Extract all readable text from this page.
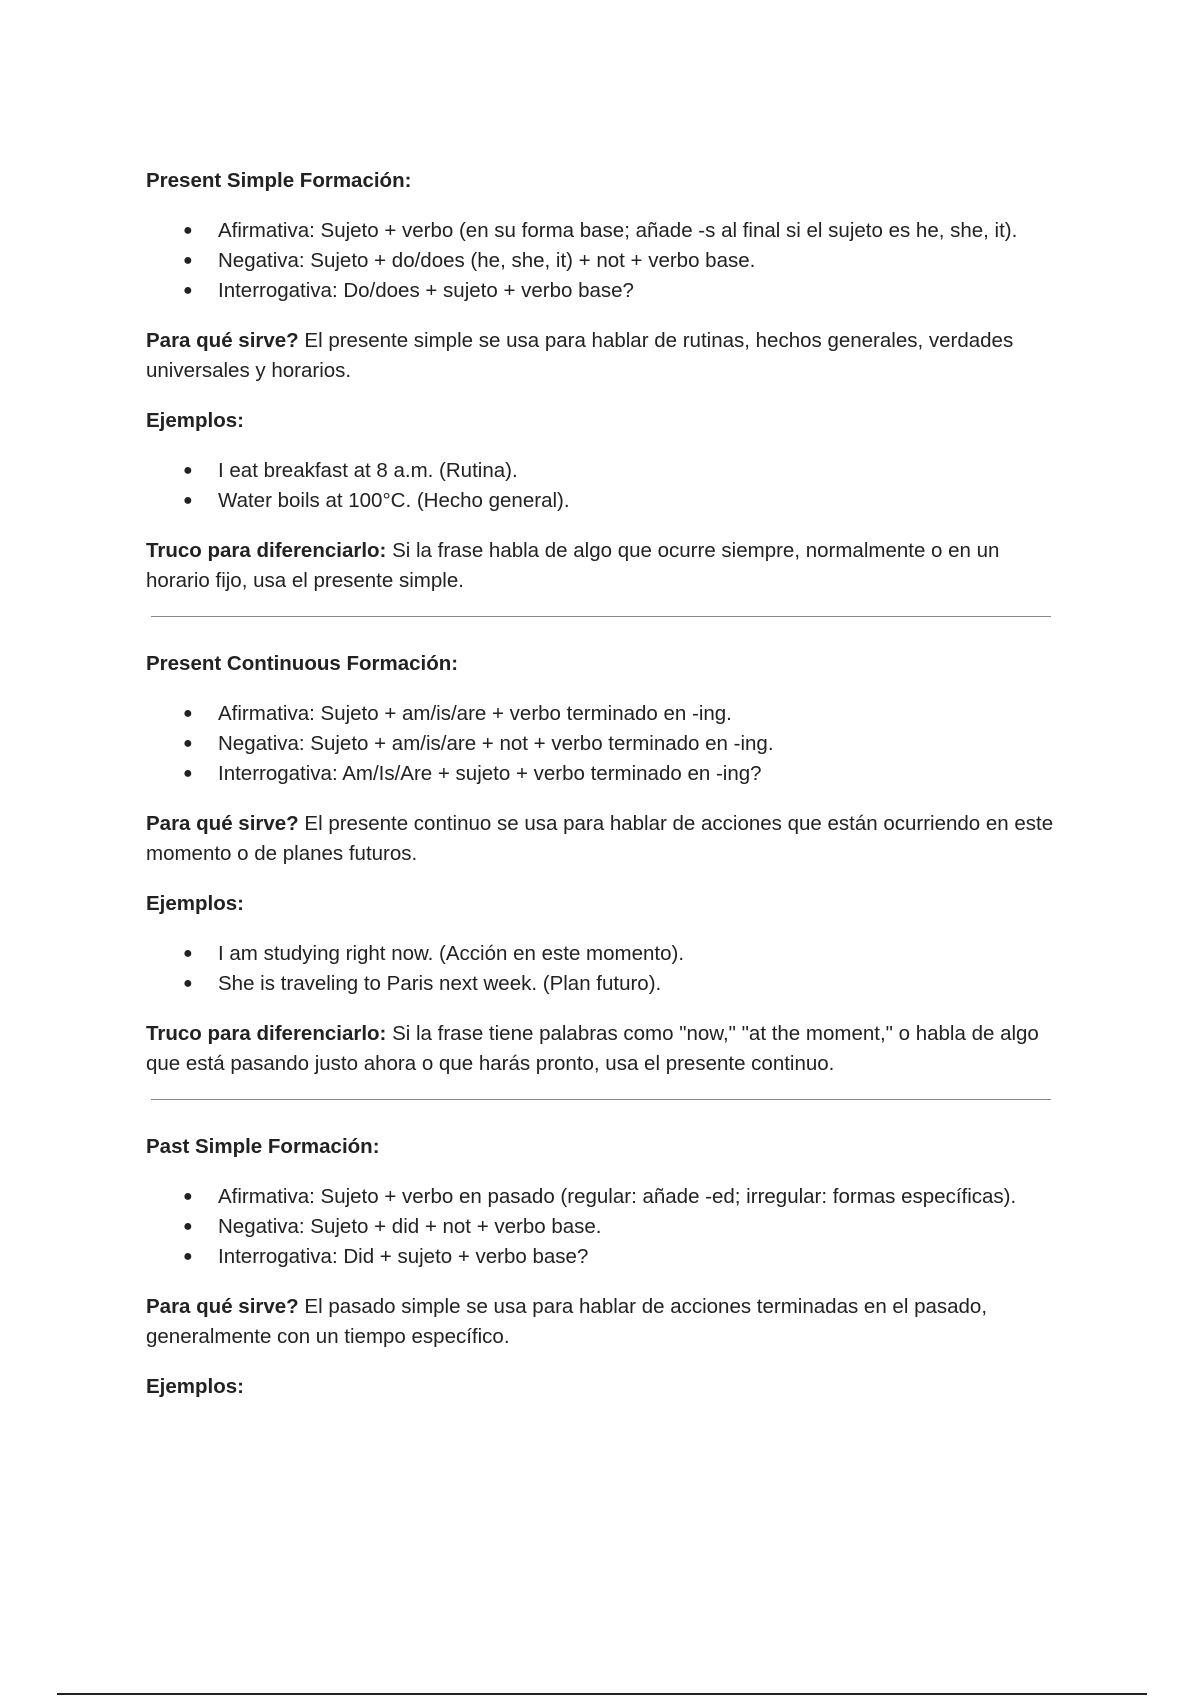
Present Simple Formación:

● Afirmativa: Sujeto + verbo (en su forma base; añade -s al final si el sujeto es he, she, it).
● Negativa: Sujeto + do/does (he, she, it) + not + verbo base.
● Interrogativa: Do/does + sujeto + verbo base?

Para qué sirve? El presente simple se usa para hablar de rutinas, hechos generales, verdades universales y horarios.

Ejemplos:

● I eat breakfast at 8 a.m. (Rutina).
● Water boils at 100°C. (Hecho general).

Truco para diferenciarlo: Si la frase habla de algo que ocurre siempre, normalmente o en un horario fijo, usa el presente simple.

Present Continuous Formación:

● Afirmativa: Sujeto + am/is/are + verbo terminado en -ing.
● Negativa: Sujeto + am/is/are + not + verbo terminado en -ing.
● Interrogativa: Am/Is/Are + sujeto + verbo terminado en -ing?

Para qué sirve? El presente continuo se usa para hablar de acciones que están ocurriendo en este momento o de planes futuros.

Ejemplos:

● I am studying right now. (Acción en este momento).
● She is traveling to Paris next week. (Plan futuro).

Truco para diferenciarlo: Si la frase tiene palabras como "now," "at the moment," o habla de algo que está pasando justo ahora o que harás pronto, usa el presente continuo.

Past Simple Formación:

● Afirmativa: Sujeto + verbo en pasado (regular: añade -ed; irregular: formas específicas).
● Negativa: Sujeto + did + not + verbo base.
● Interrogativa: Did + sujeto + verbo base?

Para qué sirve? El pasado simple se usa para hablar de acciones terminadas en el pasado, generalmente con un tiempo específico.

Ejemplos:
